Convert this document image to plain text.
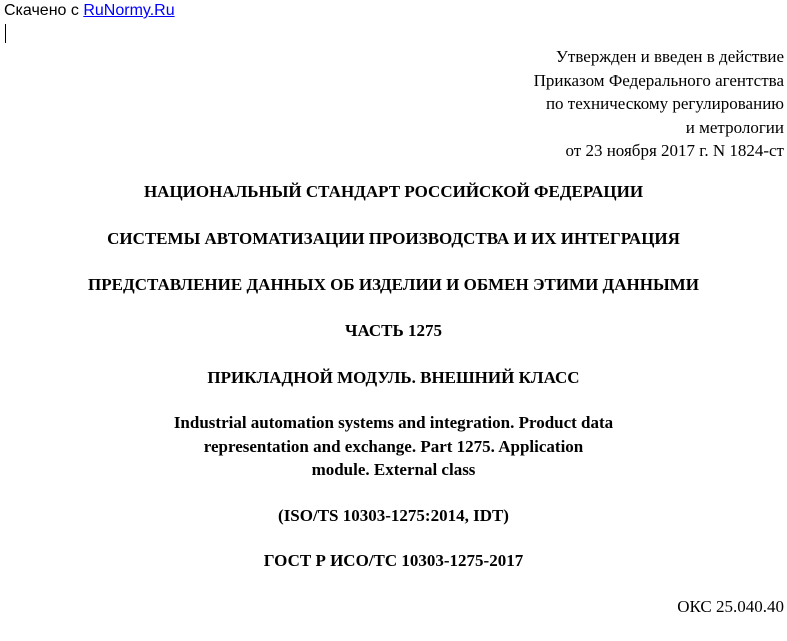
Скачено с RuNormy.Ru
Утвержден и введен в действие
Приказом Федерального агентства
по техническому регулированию
и метрологии
от 23 ноября 2017 г. N 1824-ст
НАЦИОНАЛЬНЫЙ СТАНДАРТ РОССИЙСКОЙ ФЕДЕРАЦИИ
СИСТЕМЫ АВТОМАТИЗАЦИИ ПРОИЗВОДСТВА И ИХ ИНТЕГРАЦИЯ
ПРЕДСТАВЛЕНИЕ ДАННЫХ ОБ ИЗДЕЛИИ И ОБМЕН ЭТИМИ ДАННЫМИ
ЧАСТЬ 1275
ПРИКЛАДНОЙ МОДУЛЬ. ВНЕШНИЙ КЛАСС
Industrial automation systems and integration. Product data
representation and exchange. Part 1275. Application
module. External class
(ISO/TS 10303-1275:2014, IDT)
ГОСТ Р ИСО/ТС 10303-1275-2017
ОКС 25.040.40
